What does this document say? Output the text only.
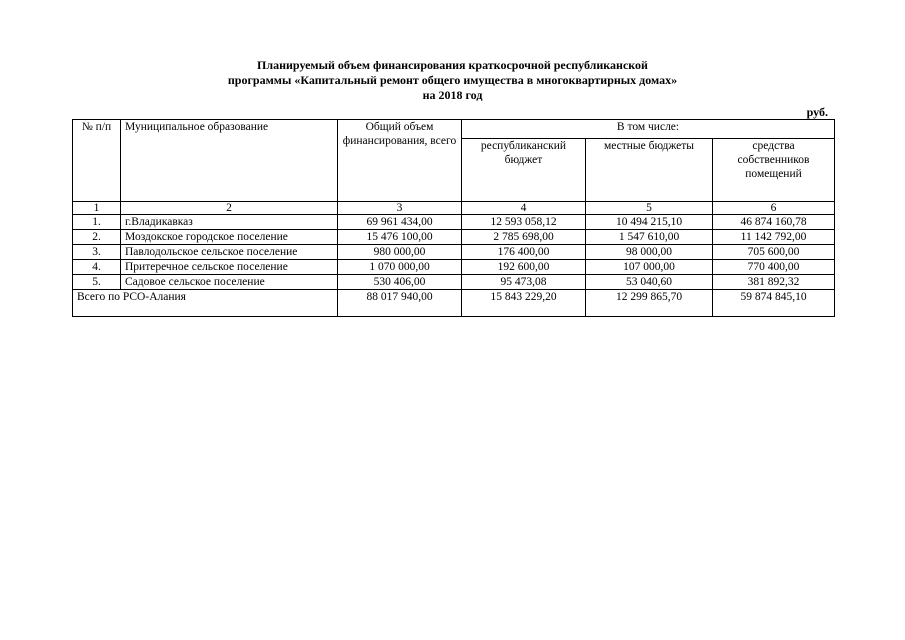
Планируемый объем финансирования краткосрочной республиканской
программы «Капитальный ремонт общего имущества в многоквартирных домах»
на 2018 год
руб.
№ п/п	Муниципальное образование	Общий объем финансирования, всего	В том числе:		
			республиканский бюджет	местные бюджеты	средства собственников помещений
1	2	3	4	5	6
1.	г.Владикавказ	69 961 434,00	12 593 058,12	10 494 215,10	46 874 160,78
2.	Моздокское городское поселение	15 476 100,00	2 785 698,00	1 547 610,00	11 142 792,00
3.	Павлодольское сельское поселение	980 000,00	176 400,00	98 000,00	705 600,00
4.	Притеречное сельское поселение	1 070 000,00	192 600,00	107 000,00	770 400,00
5.	Садовое сельское поселение	530 406,00	95 473,08	53 040,60	381 892,32
Всего по РСО-Алания		88 017 940,00	15 843 229,20	12 299 865,70	59 874 845,10
